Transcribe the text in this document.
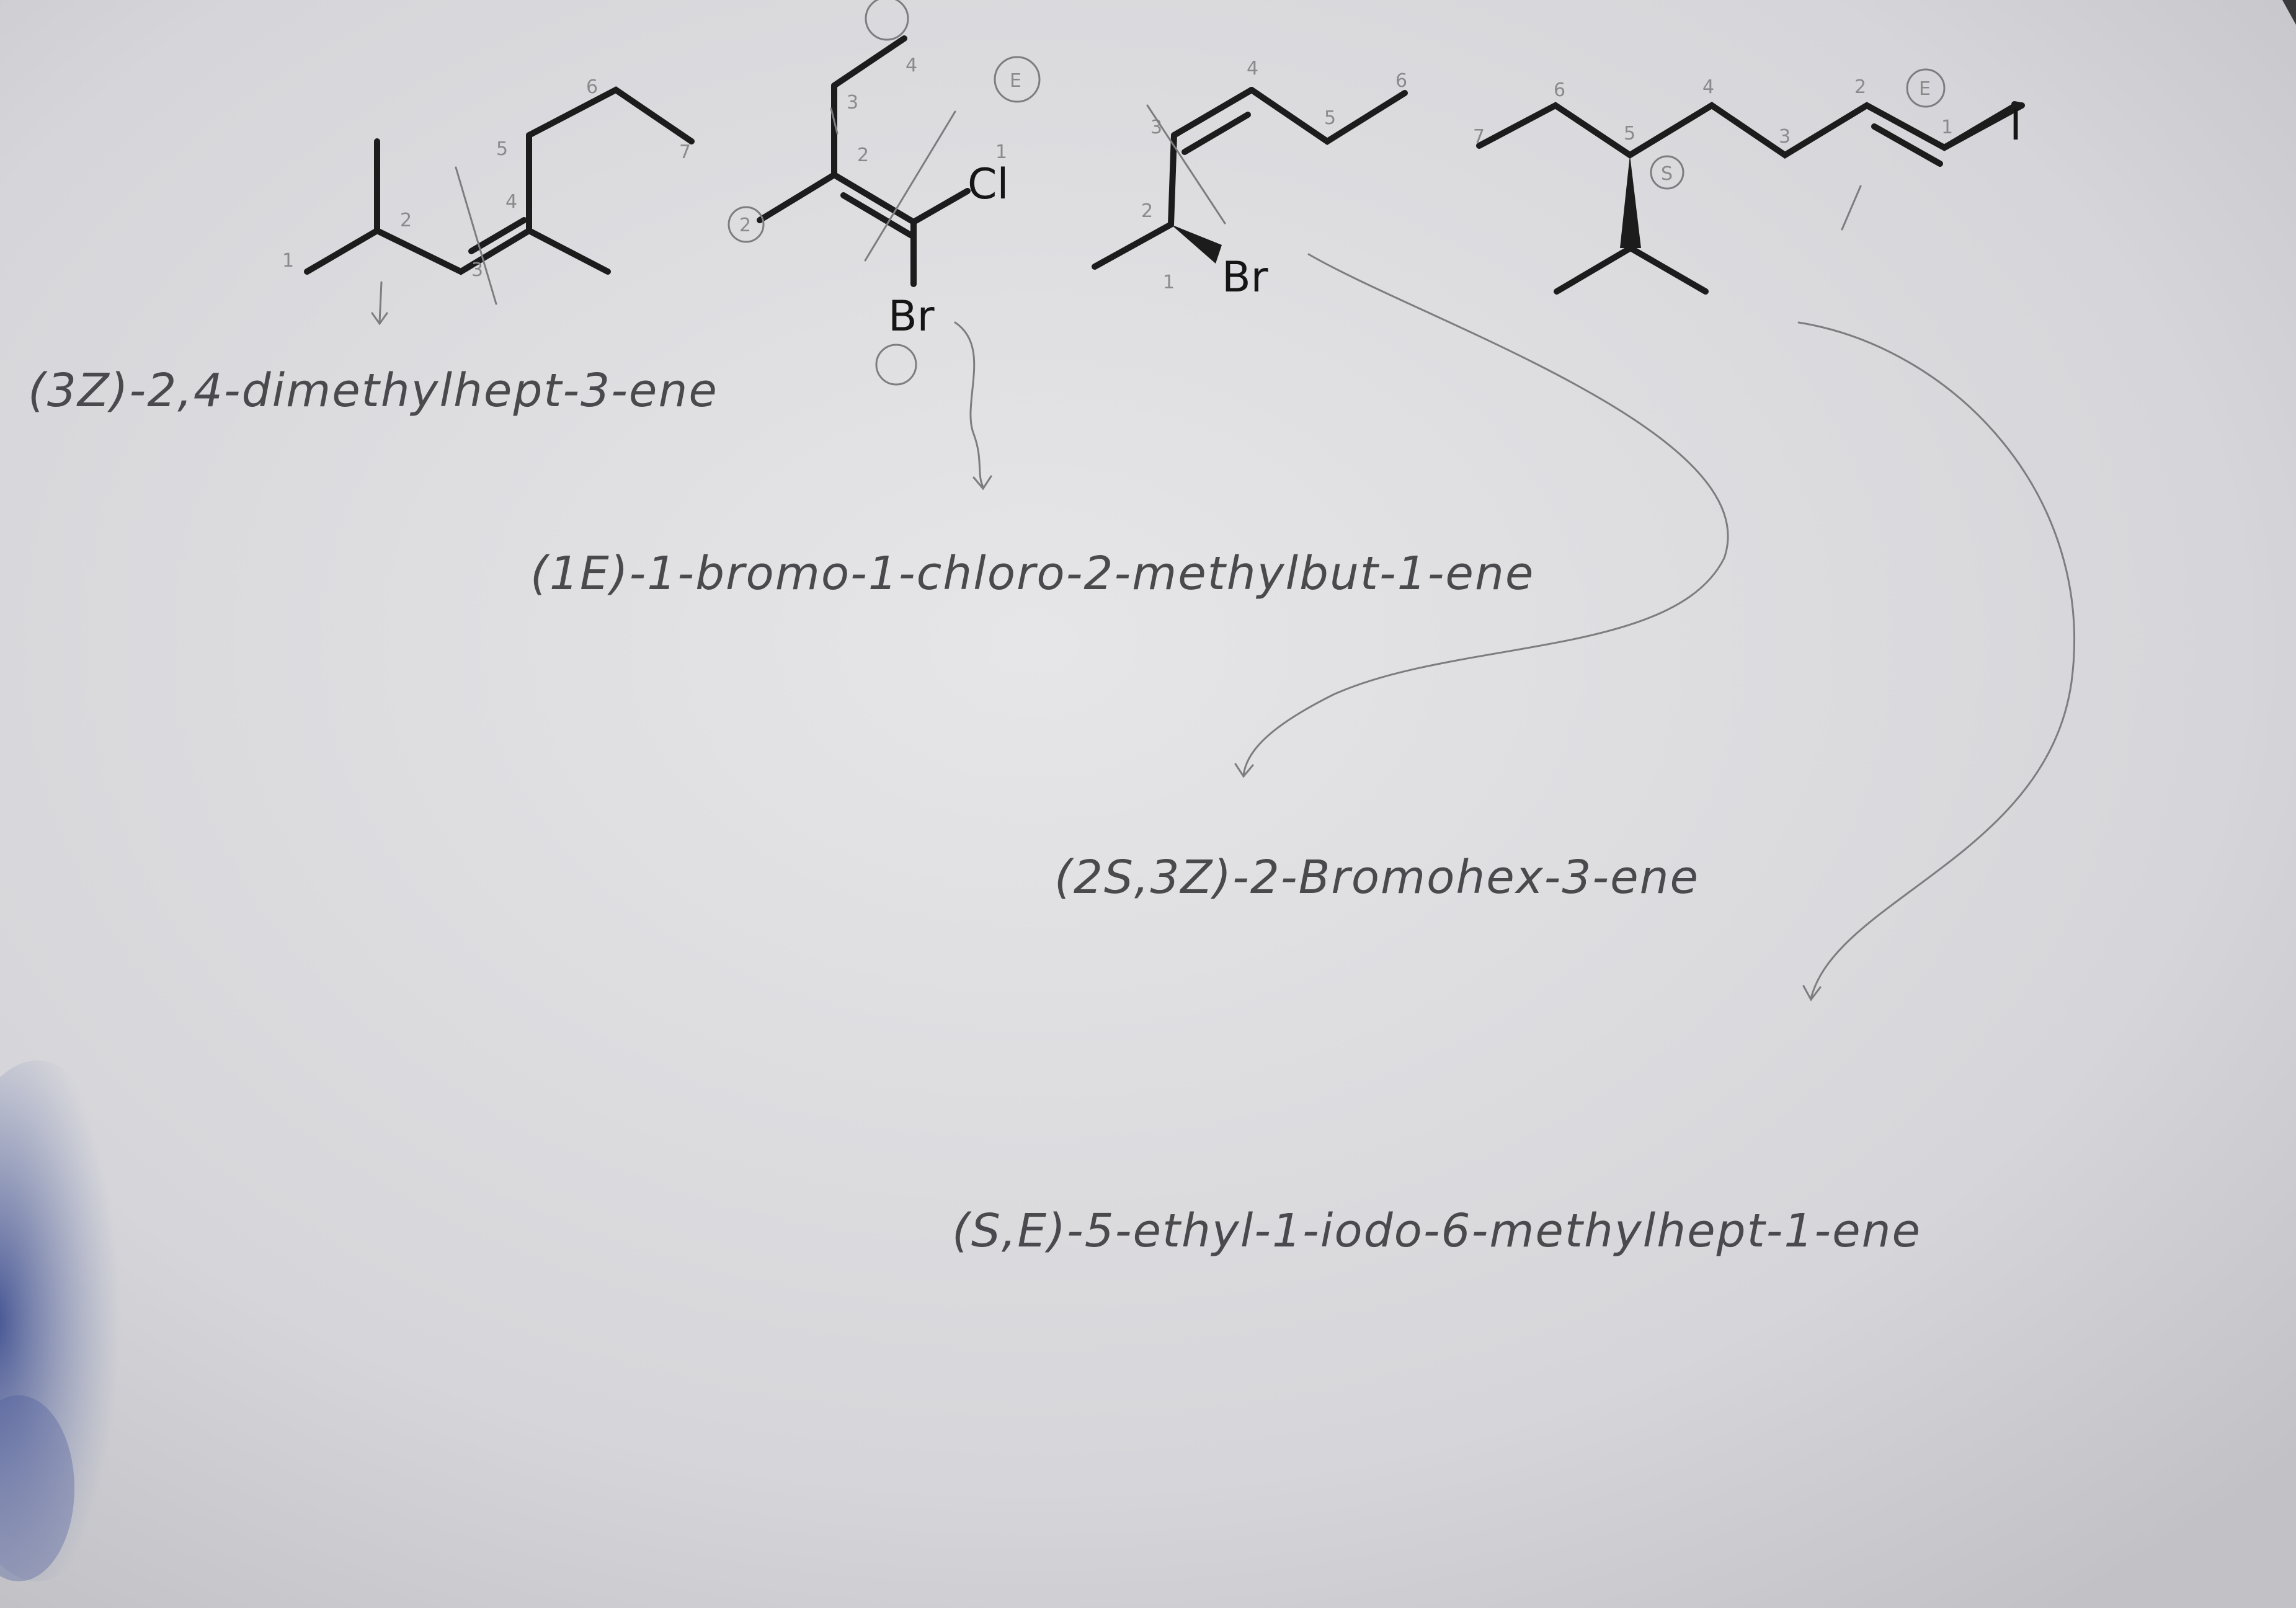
1
2
3
4
5
6
7
(3Z)-2,4-dimethylhept-3-ene
Cl
Br
2
2
3
4
1
E
(1E)-1-bromo-1-chloro-2-methylbut-1-ene
Br
3
2
1
4
5
6
(2S,3Z)-2-Bromohex-3-ene
I
7
6
5
4
3
2
1
S
E
(S,E)-5-ethyl-1-iodo-6-methylhept-1-ene
